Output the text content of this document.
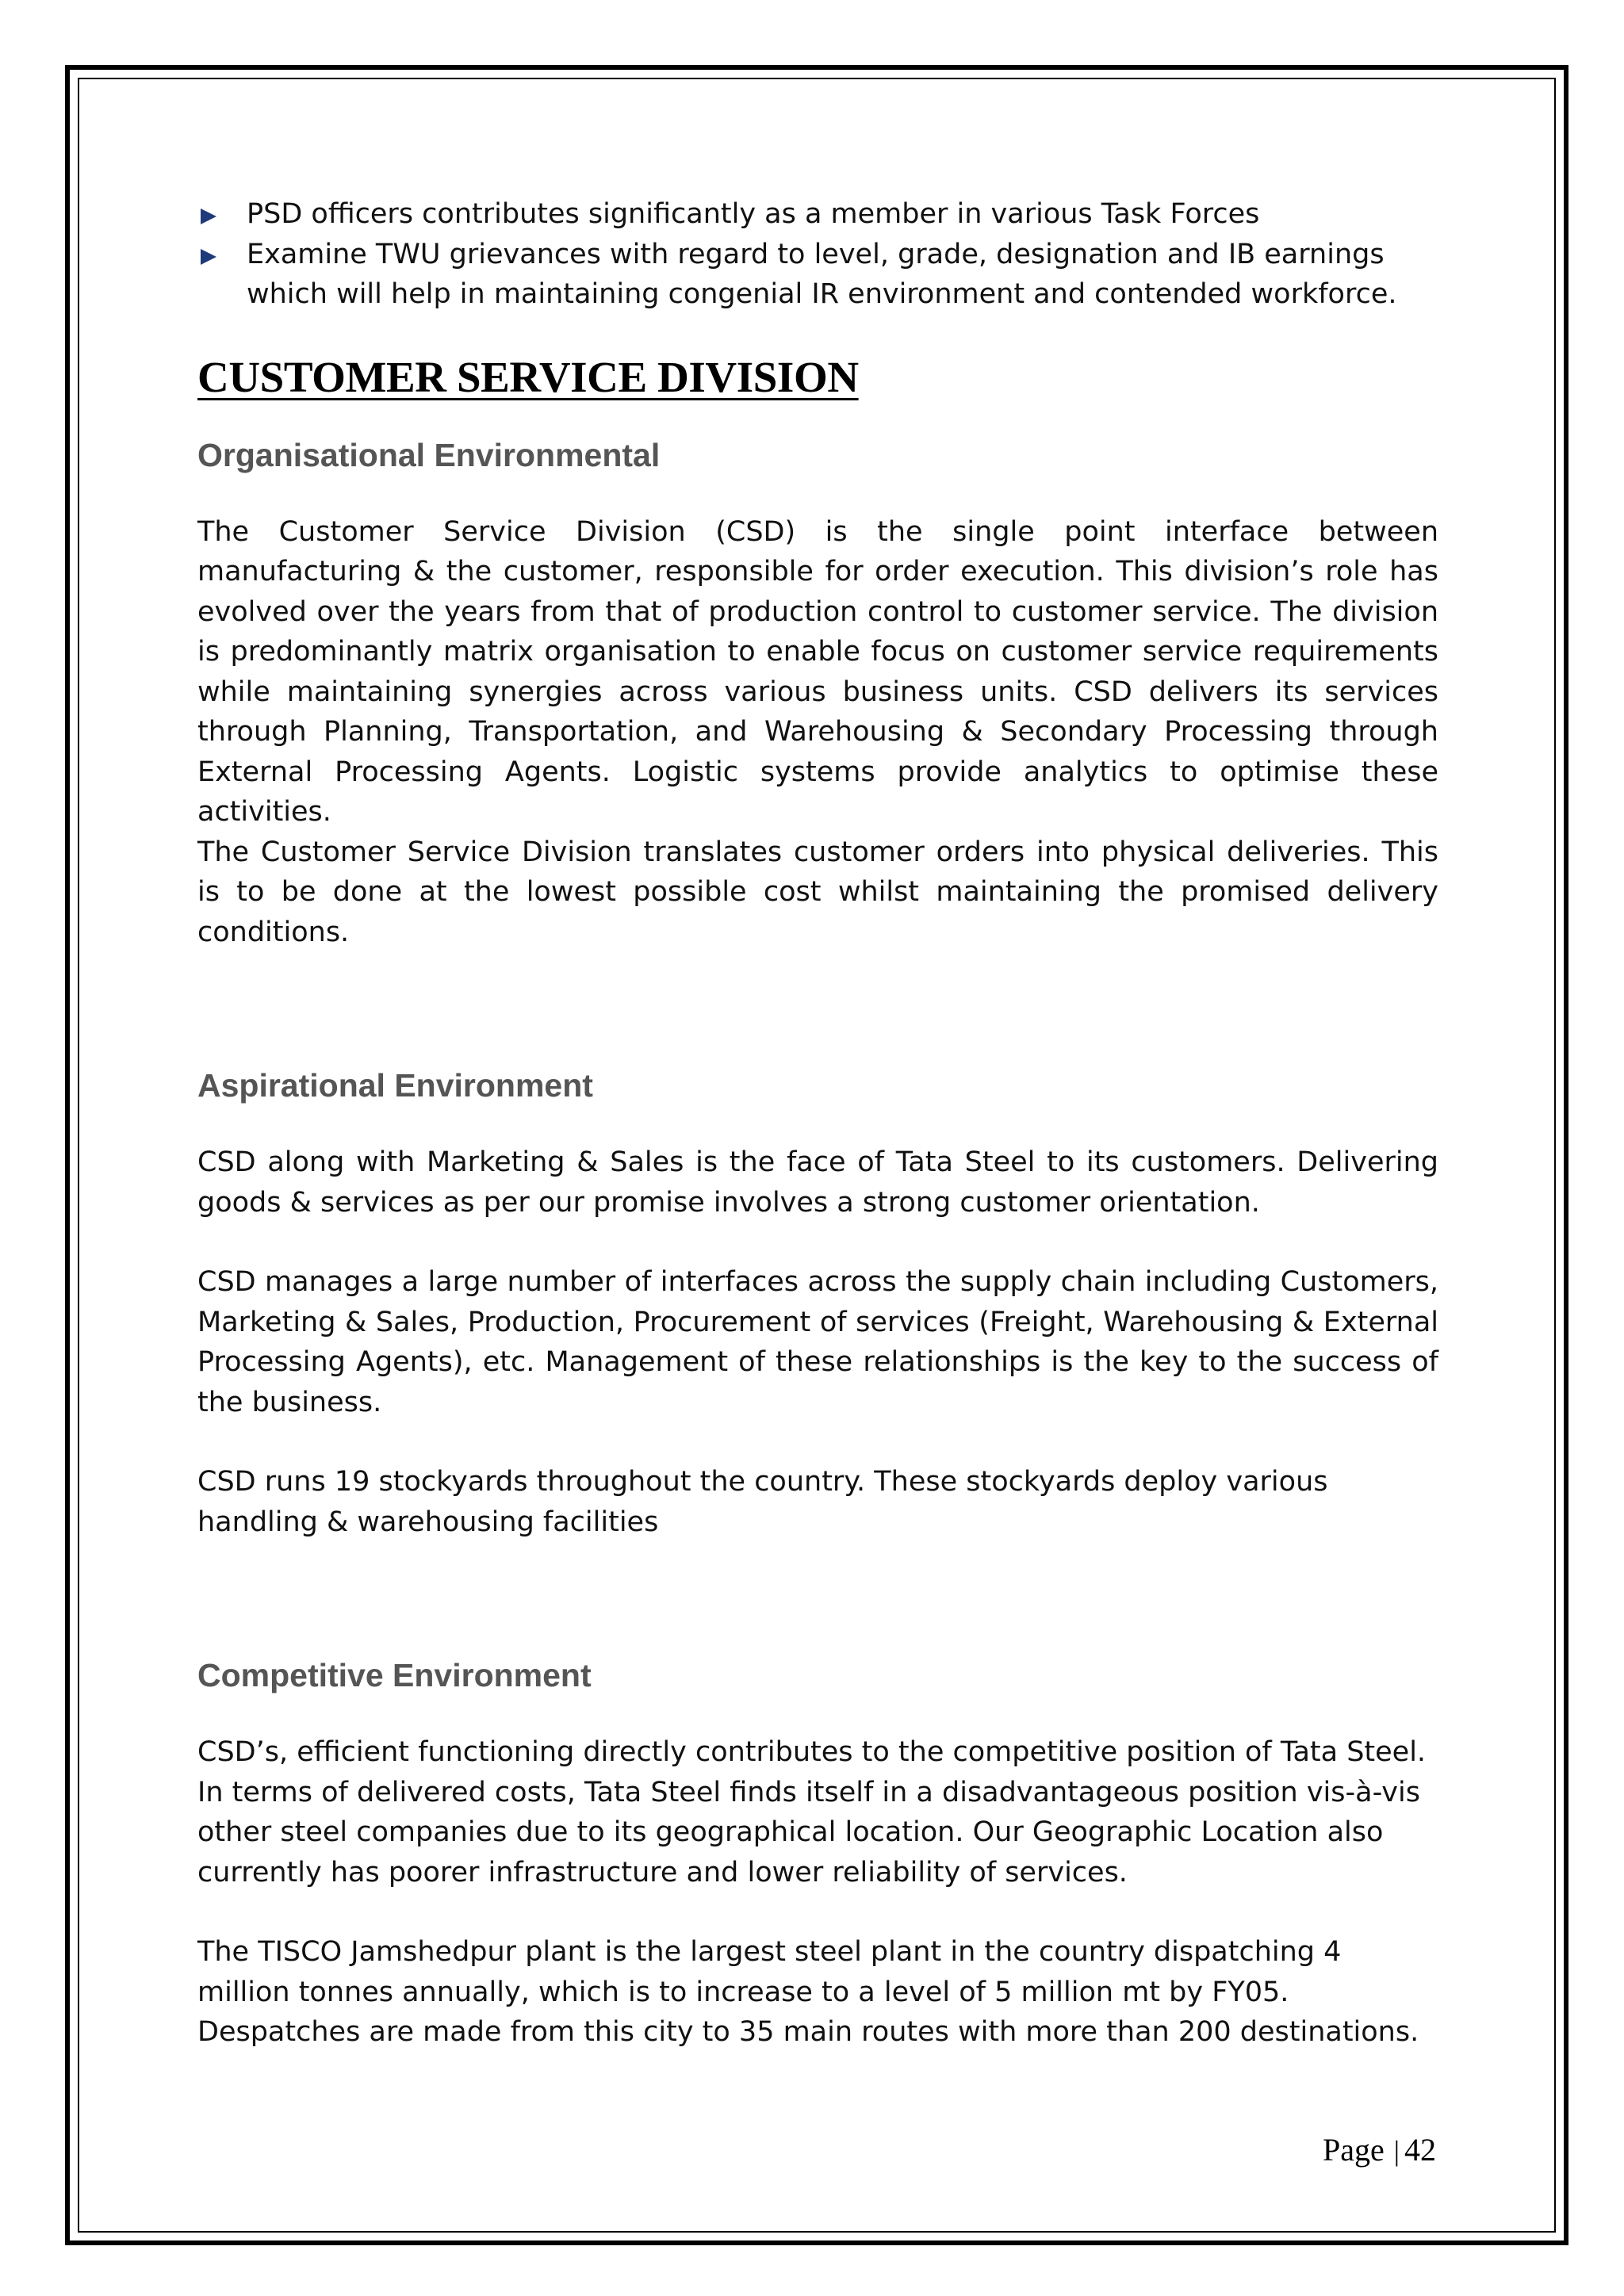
PSD officers contributes significantly as a member in various Task Forces
Examine TWU grievances with regard to level, grade, designation and IB earnings which will help in maintaining congenial IR environment and contended workforce.
CUSTOMER SERVICE DIVISION
Organisational Environmental

The Customer Service Division (CSD) is the single point interface between manufacturing & the customer, responsible for order execution. This division’s role has evolved over the years from that of production control to customer service. The division is predominantly matrix organisation to enable focus on customer service requirements while maintaining synergies across various business units. CSD delivers its services through Planning, Transportation, and Warehousing & Secondary Processing through External Processing Agents. Logistic systems provide analytics to optimise these activities.

The Customer Service Division translates customer orders into physical deliveries. This is to be done at the lowest possible cost whilst maintaining the promised delivery conditions.

Aspirational Environment

CSD along with Marketing & Sales is the face of Tata Steel to its customers. Delivering goods & services as per our promise involves a strong customer orientation.

CSD manages a large number of interfaces across the supply chain including Customers, Marketing & Sales, Production, Procurement of services (Freight, Warehousing & External Processing Agents), etc. Management of these relationships is the key to the success of the business.

CSD runs 19 stockyards throughout the country. These stockyards deploy various handling & warehousing facilities

Competitive Environment

CSD’s, efficient functioning directly contributes to the competitive position of Tata Steel. In terms of delivered costs, Tata Steel finds itself in a disadvantageous position vis-à-vis other steel companies due to its geographical location. Our Geographic Location also currently has poorer infrastructure and lower reliability of services.

The TISCO Jamshedpur plant is the largest steel plant in the country dispatching 4 million tonnes annually, which is to increase to a level of 5 million mt by FY05. Despatches are made from this city to 35 main routes with more than 200 destinations.

Page | 42
